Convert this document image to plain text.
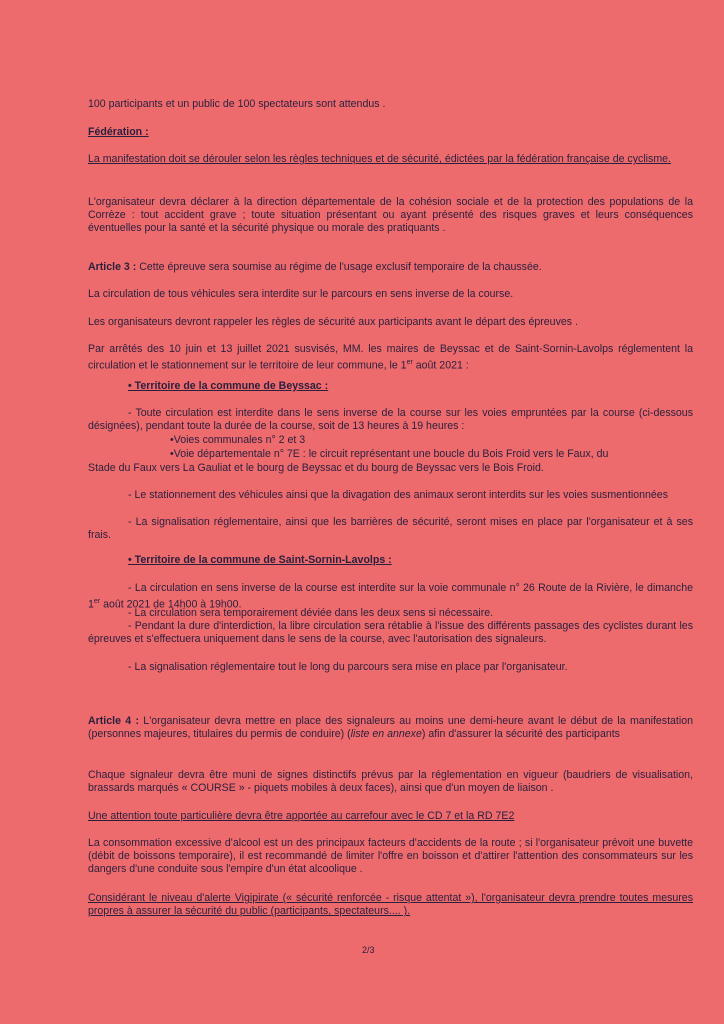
100 participants et un public de 100 spectateurs sont attendus .

Fédération :

La manifestation doit se dérouler selon les règles techniques et de sécurité, édictées par la fédération française de cyclisme.

L'organisateur devra déclarer à la direction départementale de la cohésion sociale et de la protection des populations de la Corrèze : tout accident grave ; toute situation présentant ou ayant présenté des risques graves et leurs conséquences éventuelles pour la santé et la sécurité physique ou morale des pratiquants .

Article 3 : Cette épreuve sera soumise au régime de l'usage exclusif temporaire de la chaussée.

La circulation de tous véhicules sera interdite sur le parcours en sens inverse de la course.

Les organisateurs devront rappeler les règles de sécurité aux participants avant le départ des épreuves .

Par arrêtés des 10 juin et 13 juillet 2021 susvisés, MM. les maires de Beyssac et de Saint-Sornin-Lavolps réglementent la circulation et le stationnement sur le territoire de leur commune, le 1er août 2021 :

• Territoire de la commune de Beyssac :

- Toute circulation est interdite dans le sens inverse de la course sur les voies empruntées par la course (ci-dessous désignées), pendant toute la durée de la course, soit de 13 heures à 19 heures :

•Voies communales n° 2 et 3

•Voie départementale n° 7E : le circuit représentant une boucle du Bois Froid vers le Faux, du

Stade du Faux vers La Gauliat et le bourg de Beyssac et du bourg de Beyssac vers le Bois Froid.

- Le stationnement des véhicules ainsi que la divagation des animaux seront interdits sur les voies susmentionnées

- La signalisation réglementaire, ainsi que les barrières de sécurité, seront mises en place par l'organisateur et à ses frais.

• Territoire de la commune de Saint-Sornin-Lavolps :

- La circulation en sens inverse de la course est interdite sur la voie communale n° 26 Route de la Rivière, le dimanche 1er août 2021 de 14h00 à 19h00.

- La circulation sera temporairement déviée dans les deux sens si nécessaire.

- Pendant la dure d'interdiction, la libre circulation sera rétablie à l'issue des différents passages des cyclistes durant les épreuves et s'effectuera uniquement dans le sens de la course, avec l'autorisation des signaleurs.

- La signalisation réglementaire tout le long du parcours sera mise en place par l'organisateur.

Article 4 : L'organisateur devra mettre en place des signaleurs au moins une demi-heure avant le début de la manifestation (personnes majeures, titulaires du permis de conduire) (liste en annexe) afin d'assurer la sécurité des participants

Chaque signaleur devra être muni de signes distinctifs prévus par la réglementation en vigueur (baudriers de visualisation, brassards marqués « COURSE » - piquets mobiles à deux faces), ainsi que d'un moyen de liaison .

Une attention toute particulière devra être apportée au carrefour avec le CD 7 et la RD 7E2

La consommation excessive d'alcool est un des principaux facteurs d'accidents de la route ; si l'organisateur prévoit une buvette (débit de boissons temporaire), il est recommandé de limiter l'offre en boisson et d'attirer l'attention des consommateurs sur les dangers d'une conduite sous l'empire d'un état alcoolique .

Considérant le niveau d'alerte Vigipirate (« sécurité renforcée - risque attentat »), l'organisateur devra prendre toutes mesures propres à assurer la sécurité du public (participants, spectateurs.... ).

2/3
